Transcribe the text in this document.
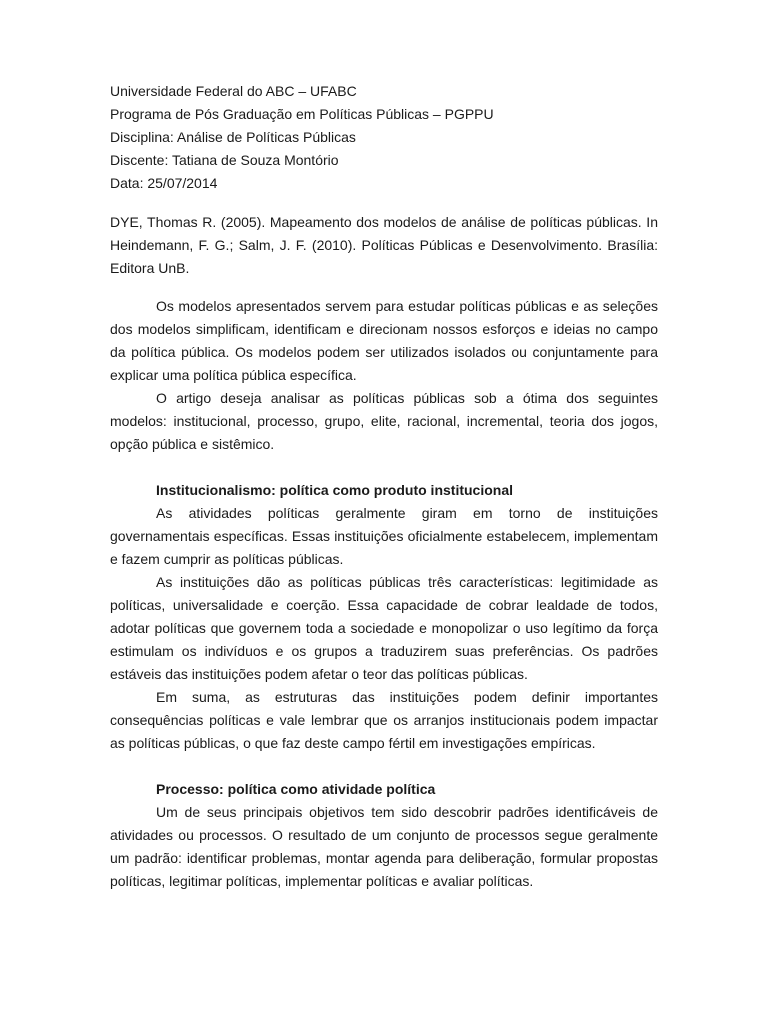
Universidade Federal do ABC – UFABC

Programa de Pós Graduação em Políticas Públicas – PGPPU

Disciplina: Análise de Políticas Públicas

Discente: Tatiana de Souza Montório

Data: 25/07/2014

DYE, Thomas R. (2005). Mapeamento dos modelos de análise de políticas públicas. In Heindemann, F. G.; Salm, J. F. (2010). Políticas Públicas e Desenvolvimento. Brasília: Editora UnB.

Os modelos apresentados servem para estudar políticas públicas e as seleções dos modelos simplificam, identificam e direcionam nossos esforços e ideias no campo da política pública. Os modelos podem ser utilizados isolados ou conjuntamente para explicar uma política pública específica.

O artigo deseja analisar as políticas públicas sob a ótima dos seguintes modelos: institucional, processo, grupo, elite, racional, incremental, teoria dos jogos, opção pública e sistêmico.

Institucionalismo: política como produto institucional

As atividades políticas geralmente giram em torno de instituições governamentais específicas. Essas instituições oficialmente estabelecem, implementam e fazem cumprir as políticas públicas.

As instituições dão as políticas públicas três características: legitimidade as políticas, universalidade e coerção. Essa capacidade de cobrar lealdade de todos, adotar políticas que governem toda a sociedade e monopolizar o uso legítimo da força estimulam os indivíduos e os grupos a traduzirem suas preferências. Os padrões estáveis das instituições podem afetar o teor das políticas públicas.

Em suma, as estruturas das instituições podem definir importantes consequências políticas e vale lembrar que os arranjos institucionais podem impactar as políticas públicas, o que faz deste campo fértil em investigações empíricas.

Processo: política como atividade política

Um de seus principais objetivos tem sido descobrir padrões identificáveis de atividades ou processos. O resultado de um conjunto de processos segue geralmente um padrão: identificar problemas, montar agenda para deliberação, formular propostas políticas, legitimar políticas, implementar políticas e avaliar políticas.
